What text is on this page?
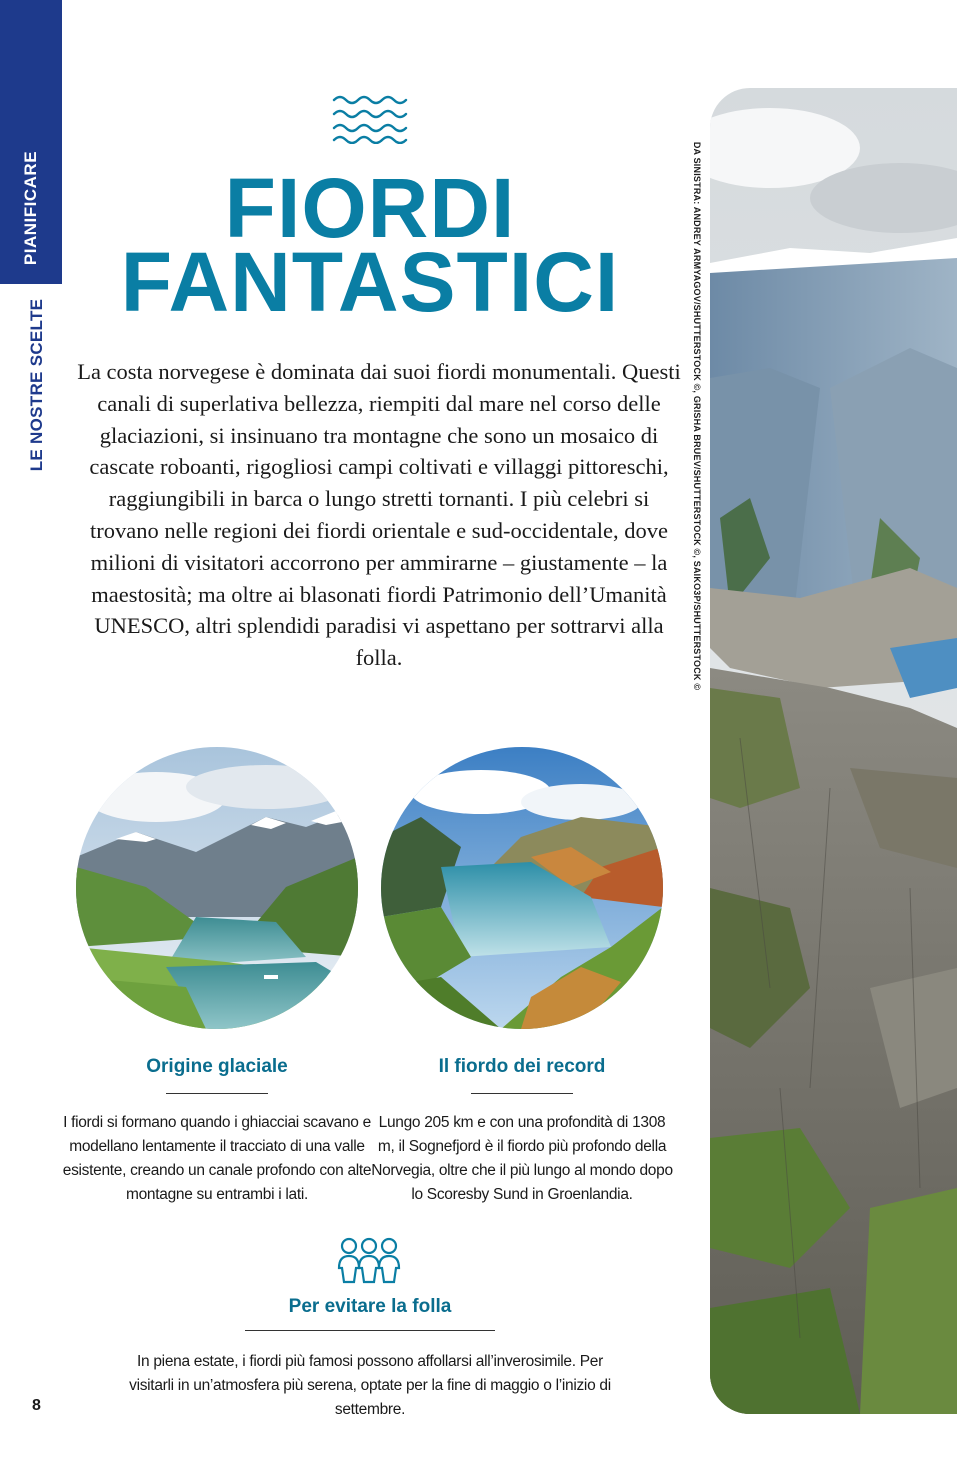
PIANIFICARE
LE NOSTRE SCELTE
FIORDI
FANTASTICI
La costa norvegese è dominata dai suoi fiordi monumentali. Questi canali di superlativa bellezza, riempiti dal mare nel corso delle glaciazioni, si insinuano tra montagne che sono un mosaico di cascate roboanti, rigogliosi campi coltivati e villaggi pittoreschi, raggiungibili in barca o lungo stretti tornanti. I più celebri si trovano nelle regioni dei fiordi orientale e sud-occidentale, dove milioni di visitatori accorrono per ammirarne – giustamente – la maestosità; ma oltre ai blasonati fiordi Patrimonio dell’Umanità UNESCO, altri splendidi paradisi vi aspettano per sottrarvi alla folla.
Origine glaciale	Il fiordo dei record
I fiordi si formano quando i ghiacciai scavano e modellano lentamente il tracciato di una valle esistente, creando un canale profondo con alte montagne su entrambi i lati.
Lungo 205 km e con una profondità di 1308 m, il Sognefjord è il fiordo più profondo della Norvegia, oltre che il più lungo al mondo dopo lo Scoresby Sund in Groenlandia.
Per evitare la folla
In piena estate, i fiordi più famosi possono affollarsi all’inverosimile. Per visitarli in un’atmosfera più serena, optate per la fine di maggio o l’inizio di settembre.
8
DA SINISTRA: ANDREY ARMYAGOV/SHUTTERSTOCK ©, GRISHA BRUEV/SHUTTERSTOCK ©, SAIKO3P/SHUTTERSTOCK ©
